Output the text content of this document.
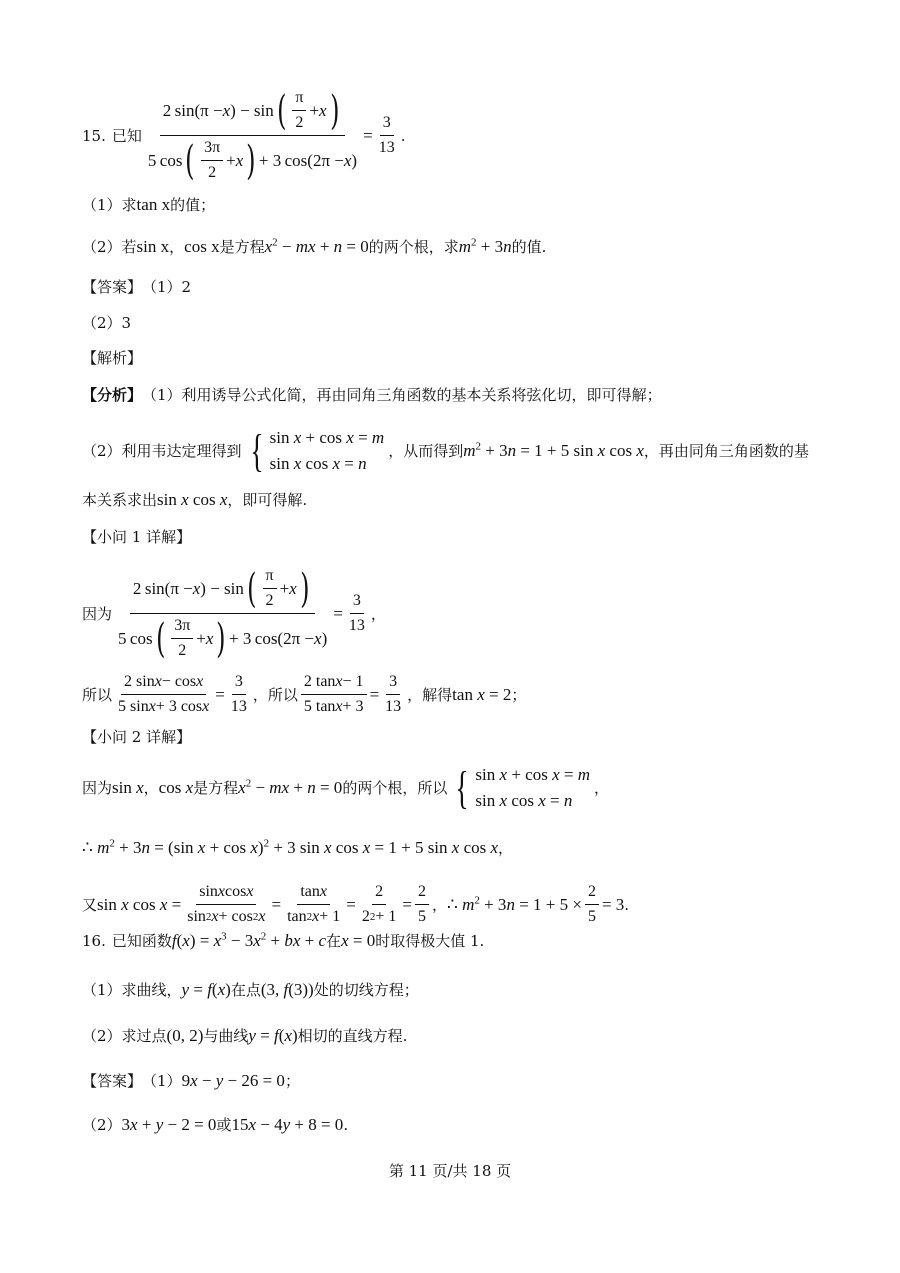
15. 已知 $\frac{2 \sin(\pi - x ) - \sin ( \frac{\pi}{2} + x )}{5 \cos ( \frac{3\pi}{2} + x ) + 3 \cos(2\pi - x )} = \frac{3}{13}$ .
（1）求 tan x 的值；
（2）若 sin x ， cos x 是方程 $x^2$ − mx + n = 0 的两个根，求 $m^2 + 3n$ 的值.
【答案】 （1）2
（2）3
【解析】
【分析】 （1）利用诱导公式化简，再由同角三角函数的基本关系将弦化切，即可得解；
（2）利用韦达定理得到 { sin x + cos x = m
sin x cos x = n
，从而得到 $m^2 + 3n = 1 + 5$ sin x cos x ，再由同角三角函数的基
本关系求出 sin x cos x ，即可得解.
【小问 1 详解】
因为 $\frac{2 \sin(\pi - x ) - \sin ( \frac{\pi}{2} + x )}{5 \cos ( \frac{3\pi}{2} + x ) + 3 \cos(2\pi - x )} = \frac{3}{13}$ ，
所以 $\frac{\text{2 sin x − cos x}}{\text{5 sin x + 3 cos x}} = \frac{3}{13}$ ，所以 $\frac{\text{2 tan x − 1}}{\text{5 tan x + 3}} = \frac{3}{13}$ ，解得 tan x = 2 ；
【小问 2 详解】
因为 sin x ， cos x 是方程 $x^2$ − mx + n = 0 的两个根，所以 { sin x + cos x = m
sin x cos x = n
，
∴ $m^2 + 3n = (\sin$ x + cos x)$^2$ + 3 sin x cos x = 1 + 5 sin x cos x ，
又 sin x $\cos x = \frac{\text{sin x cos x}}{\sin 2 x + \cos 2 x} = \frac{\text{tan x}}{\tan 2 x + 1} = \frac{2}{2 2 + 1} = \frac{2}{5}$ ， ∴ $m^2 + 3n = 1 + 5 \times \frac{2}{5} = 3$ .
16. 已知函数 $f(x) = x^3 - 3x^2$ + bx + c 在 x = 0 时取得极大值 1.
（1）求曲线， y = f(x) 在点 (3, f(3)) 处的切线方程；
（2）求过点 (0, 2) 与曲线 y = f(x) 相切的直线方程.
【答案】 （1） 9x − y − 26 = 0 ；
（2） 3x + y − 2 = 0 或 15x − 4y + 8 = 0 .
第 11 页/共 18 页
